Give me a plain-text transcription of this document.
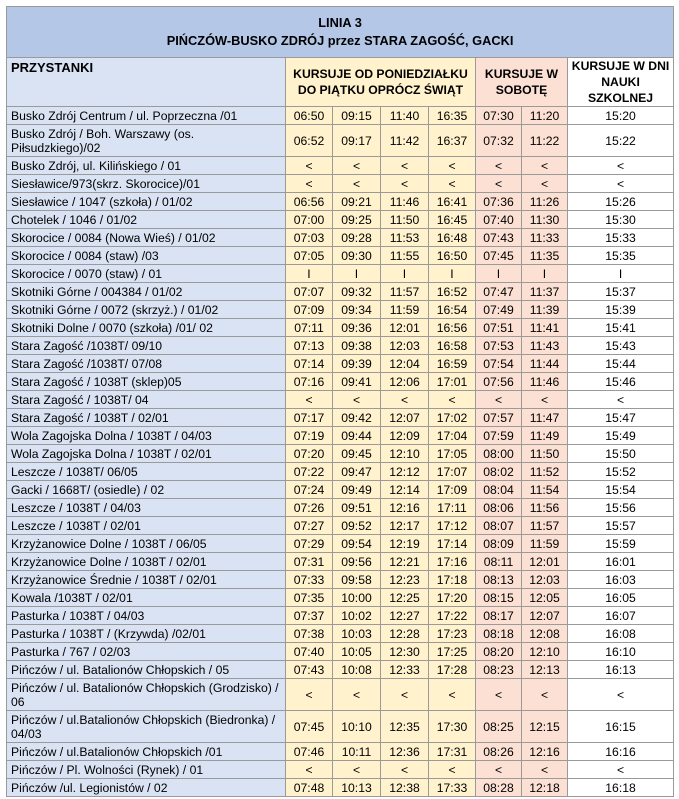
LINIA 3
PIŃCZÓW-BUSKO ZDRÓJ przez STARA ZAGOŚĆ, GACKI							

PRZYSTANKI	KURSUJE OD PONIEDZIAŁKU DO PIĄTKU OPRÓCZ ŚWIĄT				KURSUJE W SOBOTĘ		KURSUJE W DNI NAUKI SZKOLNEJ
Busko Zdrój Centrum / ul. Poprzeczna /01	06:50	09:15	11:40	16:35	07:30	11:20	15:20
Busko Zdrój / Boh. Warszawy (os. Piłsudzkiego)/02	06:52	09:17	11:42	16:37	07:32	11:22	15:22
Busko Zdrój, ul. Kilińskiego / 01	<	<	<	<	<	<	<
Siesławice/973(skrz. Skorocice)/01	<	<	<	<	<	<	<
Siesławice / 1047 (szkoła) / 01/02	06:56	09:21	11:46	16:41	07:36	11:26	15:26
Chotelek / 1046 / 01/02	07:00	09:25	11:50	16:45	07:40	11:30	15:30
Skorocice / 0084 (Nowa Wieś) / 01/02	07:03	09:28	11:53	16:48	07:43	11:33	15:33
Skorocice / 0084 (staw) /03	07:05	09:30	11:55	16:50	07:45	11:35	15:35
Skorocice / 0070 (staw) / 01	I	I	I	I	I	I	I
Skotniki Górne / 004384 / 01/02	07:07	09:32	11:57	16:52	07:47	11:37	15:37
Skotniki Górne / 0072 (skrzyż.) / 01/02	07:09	09:34	11:59	16:54	07:49	11:39	15:39
Skotniki Dolne / 0070 (szkoła) /01/ 02	07:11	09:36	12:01	16:56	07:51	11:41	15:41
Stara Zagość /1038T/ 09/10	07:13	09:38	12:03	16:58	07:53	11:43	15:43
Stara Zagość /1038T/ 07/08	07:14	09:39	12:04	16:59	07:54	11:44	15:44
Stara Zagość / 1038T (sklep)05	07:16	09:41	12:06	17:01	07:56	11:46	15:46
Stara Zagość / 1038T/ 04	<	<	<	<	<	<	<
Stara Zagość / 1038T / 02/01	07:17	09:42	12:07	17:02	07:57	11:47	15:47
Wola Zagojska Dolna / 1038T / 04/03	07:19	09:44	12:09	17:04	07:59	11:49	15:49
Wola Zagojska Dolna / 1038T / 02/01	07:20	09:45	12:10	17:05	08:00	11:50	15:50
Leszcze / 1038T/ 06/05	07:22	09:47	12:12	17:07	08:02	11:52	15:52
Gacki / 1668T/ (osiedle) / 02	07:24	09:49	12:14	17:09	08:04	11:54	15:54
Leszcze / 1038T / 04/03	07:26	09:51	12:16	17:11	08:06	11:56	15:56
Leszcze / 1038T / 02/01	07:27	09:52	12:17	17:12	08:07	11:57	15:57
Krzyżanowice Dolne / 1038T / 06/05	07:29	09:54	12:19	17:14	08:09	11:59	15:59
Krzyżanowice Dolne / 1038T / 02/01	07:31	09:56	12:21	17:16	08:11	12:01	16:01
Krzyżanowice Średnie / 1038T / 02/01	07:33	09:58	12:23	17:18	08:13	12:03	16:03
Kowala /1038T / 02/01	07:35	10:00	12:25	17:20	08:15	12:05	16:05
Pasturka / 1038T / 04/03	07:37	10:02	12:27	17:22	08:17	12:07	16:07
Pasturka / 1038T / (Krzywda) /02/01	07:38	10:03	12:28	17:23	08:18	12:08	16:08
Pasturka / 767 / 02/03	07:40	10:05	12:30	17:25	08:20	12:10	16:10
Pińczów / ul. Batalionów Chłopskich / 05	07:43	10:08	12:33	17:28	08:23	12:13	16:13
Pińczów / ul. Batalionów Chłopskich (Grodzisko) / 06	<	<	<	<	<	<	<
Pińczów / ul.Batalionów Chłopskich (Biedronka) / 04/03	07:45	10:10	12:35	17:30	08:25	12:15	16:15
Pińczów / ul.Batalionów Chłopskich /01	07:46	10:11	12:36	17:31	08:26	12:16	16:16
Pińczów / Pl. Wolności (Rynek) / 01	<	<	<	<	<	<	<
Pińczów /ul. Legionistów / 02	07:48	10:13	12:38	17:33	08:28	12:18	16:18
